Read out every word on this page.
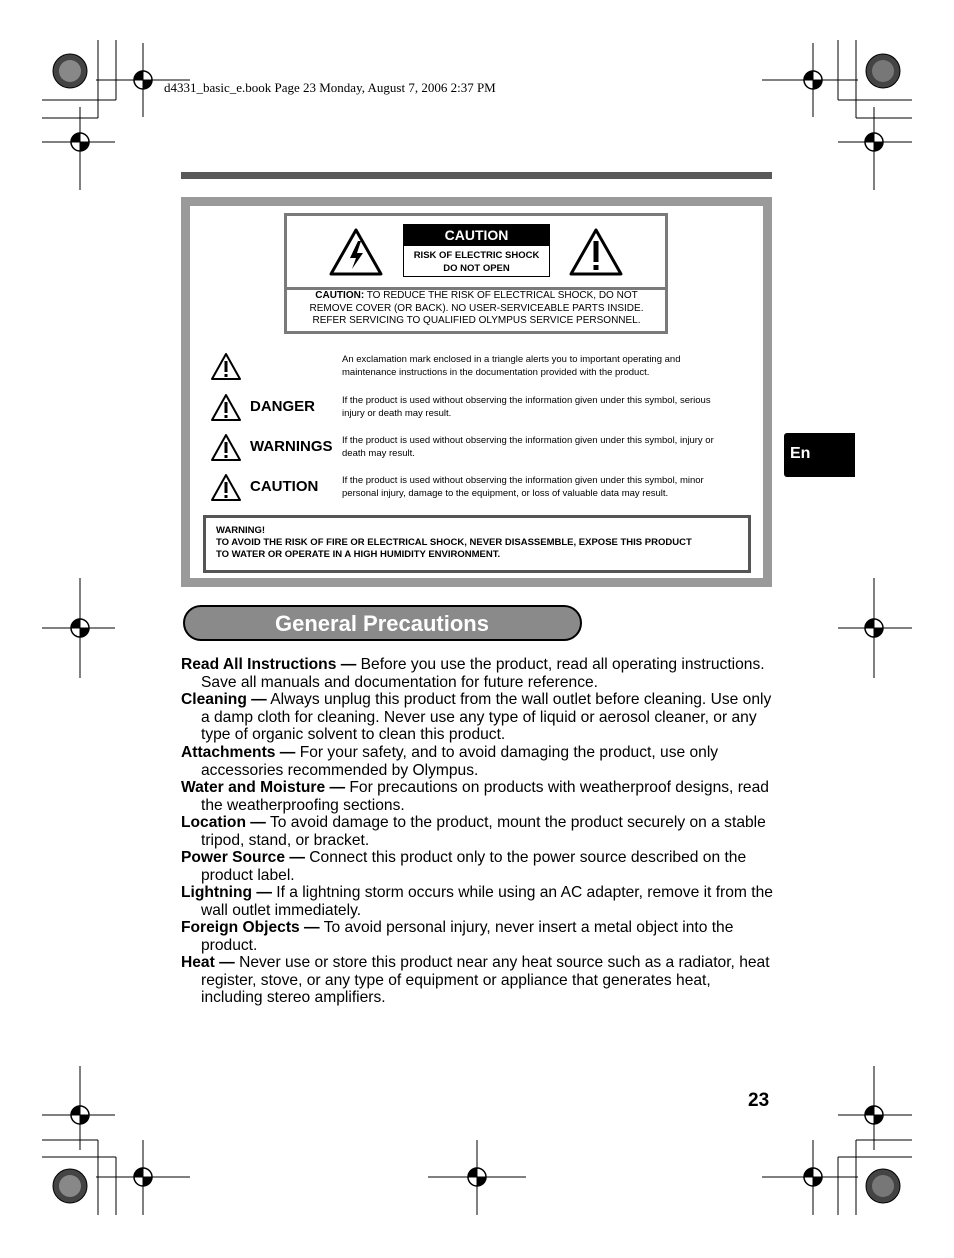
d4331_basic_e.book Page 23 Monday, August 7, 2006 2:37 PM
CAUTION
RISK OF ELECTRIC SHOCK
DO NOT OPEN
CAUTION: TO REDUCE THE RISK OF ELECTRICAL SHOCK, DO NOT
REMOVE COVER (OR BACK). NO USER-SERVICEABLE PARTS INSIDE.
REFER SERVICING TO QUALIFIED OLYMPUS SERVICE PERSONNEL.
An exclamation mark enclosed in a triangle alerts you to important operating and
maintenance instructions in the documentation provided with the product.
DANGER	If the product is used without observing the information given under this symbol, serious
injury or death may result.
WARNINGS If the product is used without observing the information given under this symbol, injury or
death may result.
CAUTION If the product is used without observing the information given under this symbol, minor
personal injury, damage to the equipment, or loss of valuable data may result.
WARNING!
TO AVOID THE RISK OF FIRE OR ELECTRICAL SHOCK, NEVER DISASSEMBLE, EXPOSE THIS PRODUCT
TO WATER OR OPERATE IN A HIGH HUMIDITY ENVIRONMENT.
General Precautions
Read All Instructions — Before you use the product, read all operating instructions. Save all manuals and documentation for future reference.
Cleaning — Always unplug this product from the wall outlet before cleaning. Use only a damp cloth for cleaning. Never use any type of liquid or aerosol cleaner, or any type of organic solvent to clean this product.
Attachments — For your safety, and to avoid damaging the product, use only accessories recommended by Olympus.
Water and Moisture — For precautions on products with weatherproof designs, read the weatherproofing sections.
Location — To avoid damage to the product, mount the product securely on a stable tripod, stand, or bracket.
Power Source — Connect this product only to the power source described on the product label.
Lightning — If a lightning storm occurs while using an AC adapter, remove it from the wall outlet immediately.
Foreign Objects — To avoid personal injury, never insert a metal object into the product.
Heat — Never use or store this product near any heat source such as a radiator, heat register, stove, or any type of equipment or appliance that generates heat, including stereo amplifiers.
En
23
